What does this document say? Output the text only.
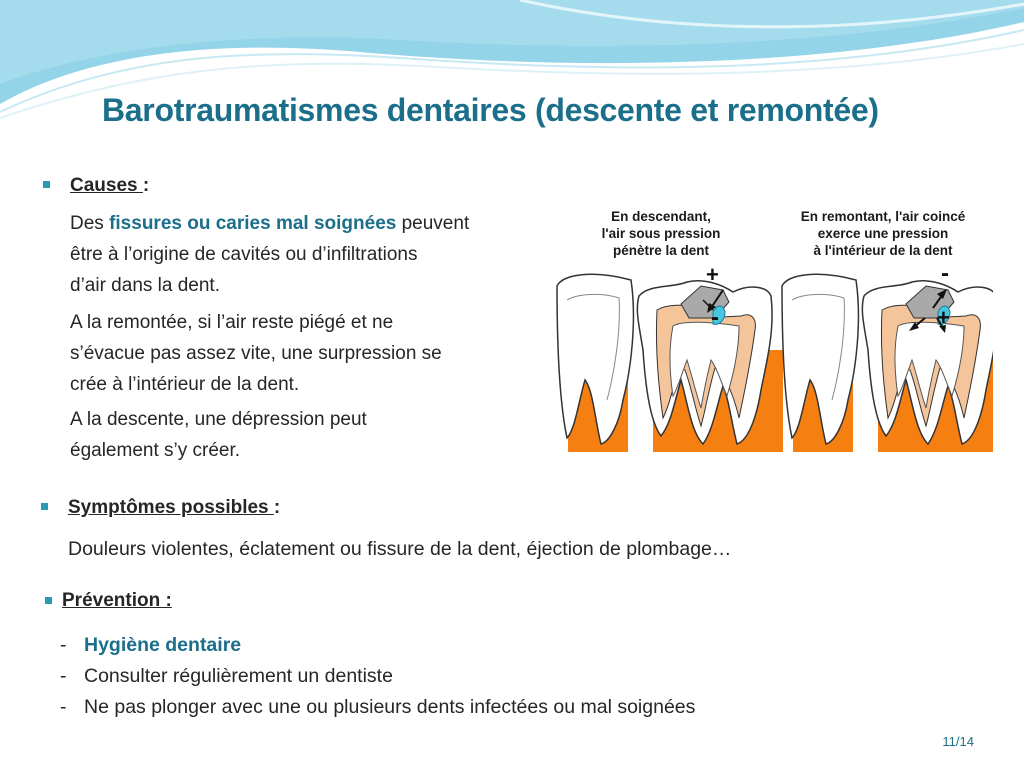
Barotraumatismes dentaires (descente et remontée)
Causes :
Des fissures ou caries mal soignées peuvent
être à l’origine de cavités ou d’infiltrations
d’air dans la dent.
A la remontée, si l’air reste piégé et ne
s’évacue pas assez vite, une surpression se
crée à l’intérieur de la dent.
A la descente, une dépression peut
également s’y créer.
En descendant,
l'air sous pression
pénètre la dent
En remontant, l'air coincé
exerce une pression
à l'intérieur de la dent
+
-
-
+
Symptômes possibles :
Douleurs violentes, éclatement ou fissure de la dent, éjection de plombage…
Prévention :
- Hygiène dentaire
- Consulter régulièrement un dentiste
- Ne pas plonger avec une ou plusieurs dents infectées ou mal soignées
11/14
